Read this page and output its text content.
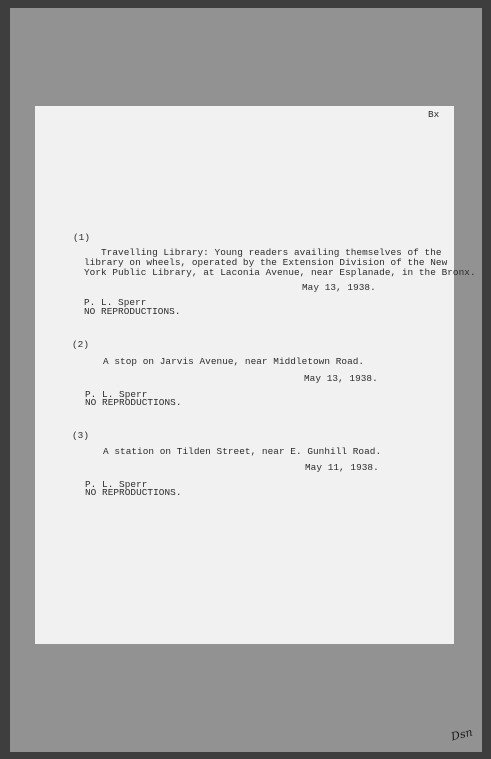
Bx
(1)
Travelling Library: Young readers availing themselves of the
library on wheels, operated by the Extension Division of the New
York Public Library, at Laconia Avenue, near Esplanade, in the Bronx.
May 13, 1938.
P. L. Sperr
NO REPRODUCTIONS.
(2)
A stop on Jarvis Avenue, near Middletown Road.
May 13, 1938.
P. L. Sperr
NO REPRODUCTIONS.
(3)
A station on Tilden Street, near E. Gunhill Road.
May 11, 1938.
P. L. Sperr
NO REPRODUCTIONS.
Dsn
